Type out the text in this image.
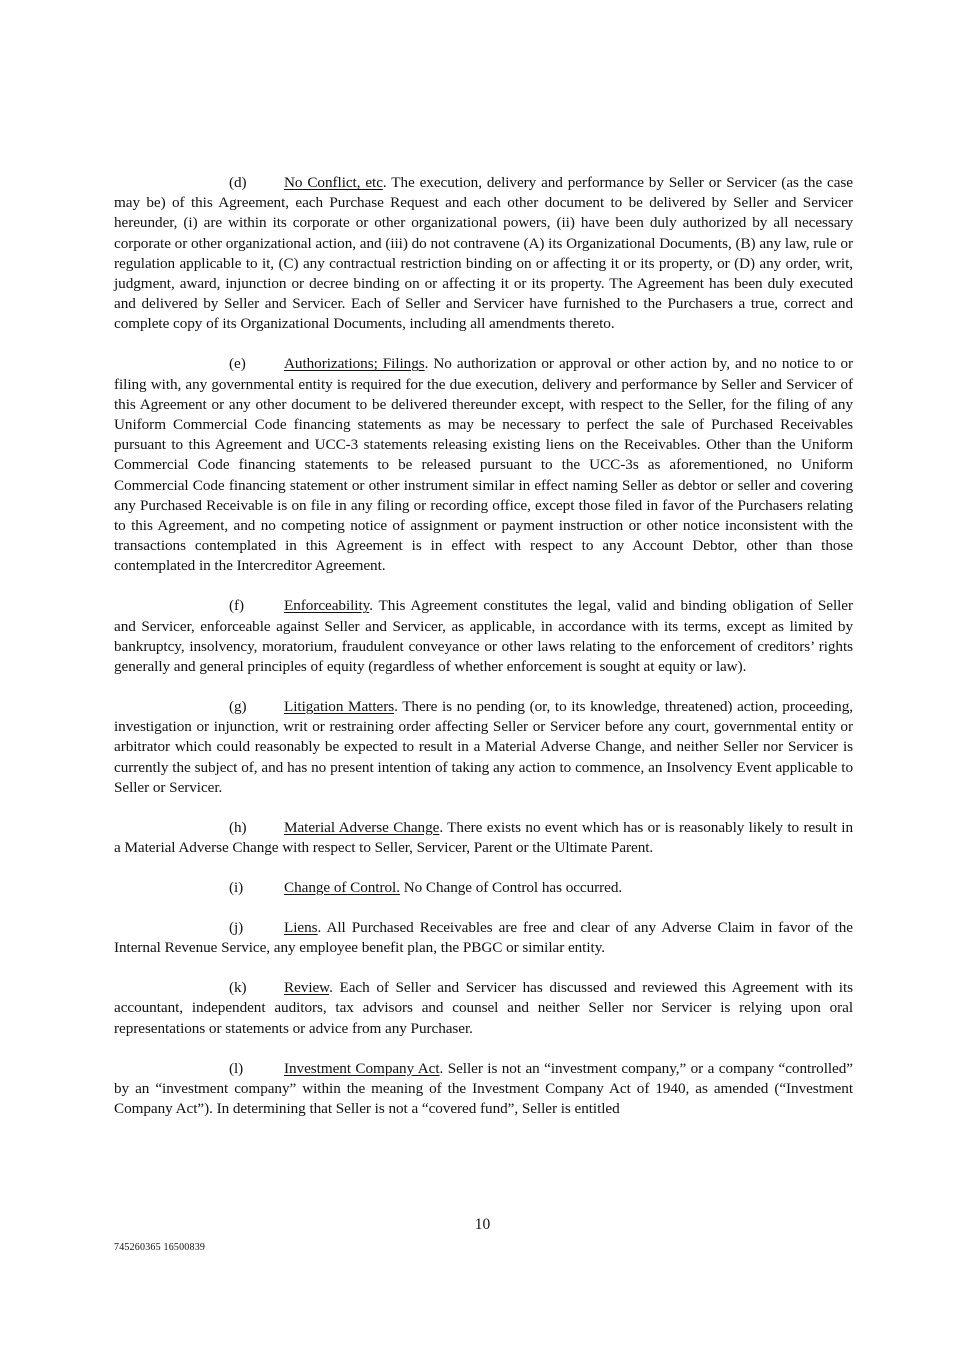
(d) No Conflict, etc. The execution, delivery and performance by Seller or Servicer (as the case may be) of this Agreement, each Purchase Request and each other document to be delivered by Seller and Servicer hereunder, (i) are within its corporate or other organizational powers, (ii) have been duly authorized by all necessary corporate or other organizational action, and (iii) do not contravene (A) its Organizational Documents, (B) any law, rule or regulation applicable to it, (C) any contractual restriction binding on or affecting it or its property, or (D) any order, writ, judgment, award, injunction or decree binding on or affecting it or its property. The Agreement has been duly executed and delivered by Seller and Servicer. Each of Seller and Servicer have furnished to the Purchasers a true, correct and complete copy of its Organizational Documents, including all amendments thereto.

(e)	Authorizations; Filings. No authorization or approval or other action by, and no notice to or filing with, any governmental entity is required for the due execution, delivery and performance by Seller and Servicer of this Agreement or any other document to be delivered thereunder except, with respect to the Seller, for the filing of any Uniform Commercial Code financing statements as may be necessary to perfect the sale of Purchased Receivables pursuant to this Agreement and UCC-3 statements releasing existing liens on the Receivables. Other than the Uniform Commercial Code financing statements to be released pursuant to the UCC-3s as aforementioned, no Uniform Commercial Code financing statement or other instrument similar in effect naming Seller as debtor or seller and covering any Purchased Receivable is on file in any filing or recording office, except those filed in favor of the Purchasers relating to this Agreement, and no competing notice of assignment or payment instruction or other notice inconsistent with the transactions contemplated in this Agreement is in effect with respect to any Account Debtor, other than those contemplated in the Intercreditor Agreement.

(f)	Enforceability. This Agreement constitutes the legal, valid and binding obligation of Seller and Servicer, enforceable against Seller and Servicer, as applicable, in accordance with its terms, except as limited by bankruptcy, insolvency, moratorium, fraudulent conveyance or other laws relating to the enforcement of creditors’ rights generally and general principles of equity (regardless of whether enforcement is sought at equity or law).

(g) Litigation Matters. There is no pending (or, to its knowledge, threatened) action, proceeding, investigation or injunction, writ or restraining order affecting Seller or Servicer before any court, governmental entity or arbitrator which could reasonably be expected to result in a Material Adverse Change, and neither Seller nor Servicer is currently the subject of, and has no present intention of taking any action to commence, an Insolvency Event applicable to Seller or Servicer.

(h) Material Adverse Change. There exists no event which has or is reasonably likely to result in a Material Adverse Change with respect to Seller, Servicer, Parent or the Ultimate Parent.

(i)	Change of Control. No Change of Control has occurred.

(j)	Liens. All Purchased Receivables are free and clear of any Adverse Claim in favor of the Internal Revenue Service, any employee benefit plan, the PBGC or similar entity.

(k) Review. Each of Seller and Servicer has discussed and reviewed this Agreement with its accountant, independent auditors, tax advisors and counsel and neither Seller nor Servicer is relying upon oral representations or statements or advice from any Purchaser.

(l)	Investment Company Act. Seller is not an “investment company,” or a company “controlled” by an “investment company” within the meaning of the Investment Company Act of 1940, as amended (“Investment Company Act”). In determining that Seller is not a “covered fund”, Seller is entitled

10
745260365 16500839
